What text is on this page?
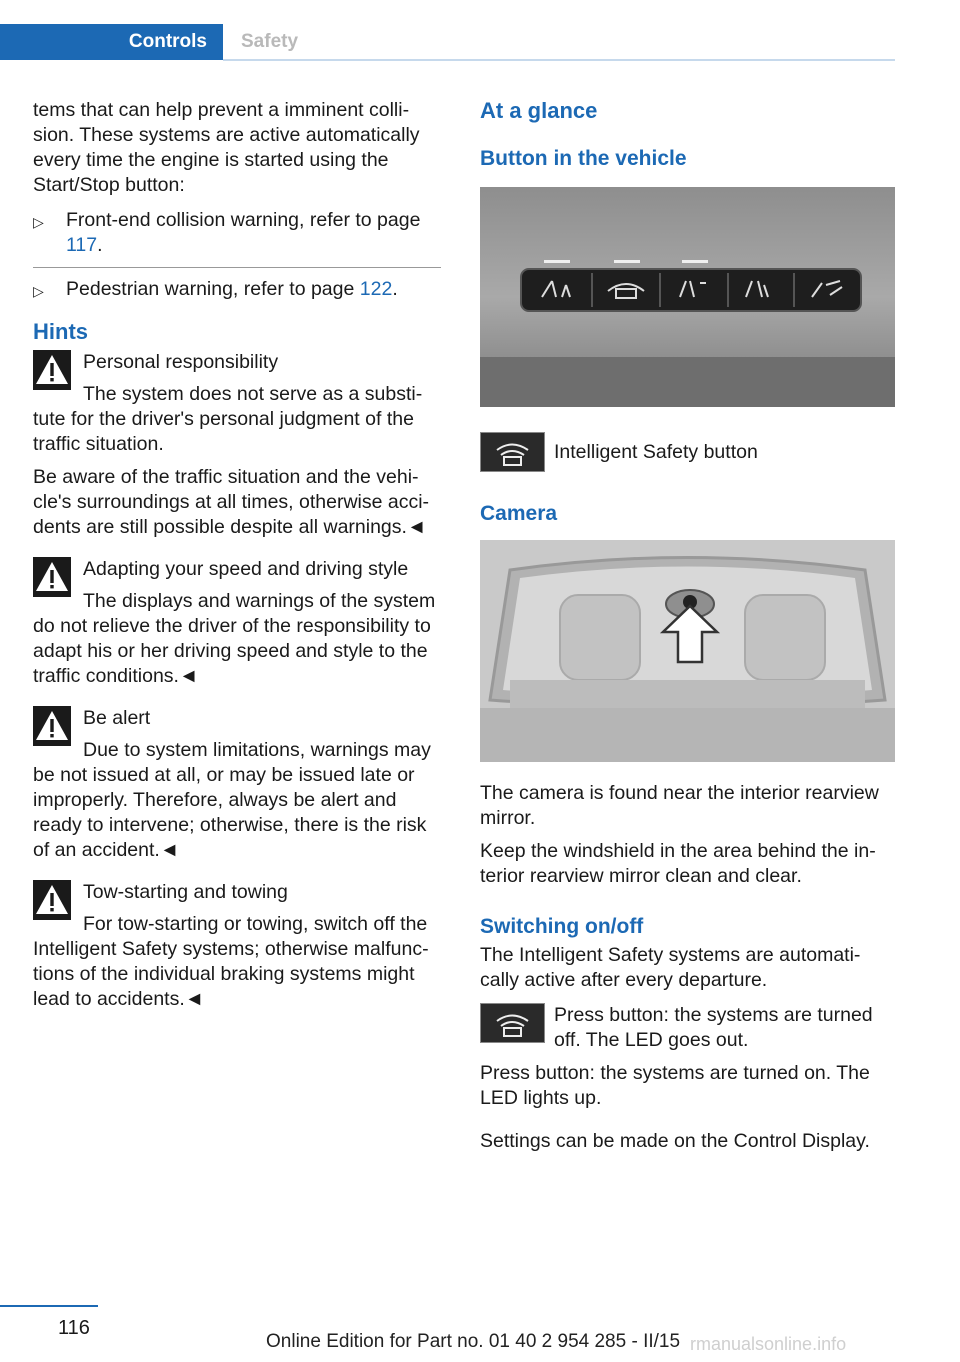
Controls	Safety

tems that can help prevent a imminent colli-sion. These systems are active automatically every time the engine is started using the Start/Stop button:

▷ Front-end collision warning, refer to page 117.
▷ Pedestrian warning, refer to page 122.
Hints

Personal responsibility

The system does not serve as a substi-

tute for the driver's personal judgment of the traffic situation.

Be aware of the traffic situation and the vehi-cle's surroundings at all times, otherwise acci-dents are still possible despite all warnings.◄

Adapting your speed and driving style

The displays and warnings of the system do not relieve the driver of the responsibility to adapt his or her driving speed and style to the traffic conditions.◄

Be alert

Due to system limitations, warnings may be not issued at all, or may be issued late or improperly. Therefore, always be alert and ready to intervene; otherwise, there is the risk of an accident.◄

Tow-starting and towing

For tow-starting or towing, switch off the Intelligent Safety systems; otherwise malfunc-tions of the individual braking systems might lead to accidents.◄

At a glance
Button in the vehicle

Intelligent Safety button

Camera

The camera is found near the interior rearview mirror.

Keep the windshield in the area behind the in-terior rearview mirror clean and clear.

Switching on/off

The Intelligent Safety systems are automati-cally active after every departure.

Press button: the systems are turned off. The LED goes out.

Press button: the systems are turned on. The LED lights up.

Settings can be made on the Control Display.

116
Online Edition for Part no. 01 40 2 954 285 - II/15 rmanualsonline.info
